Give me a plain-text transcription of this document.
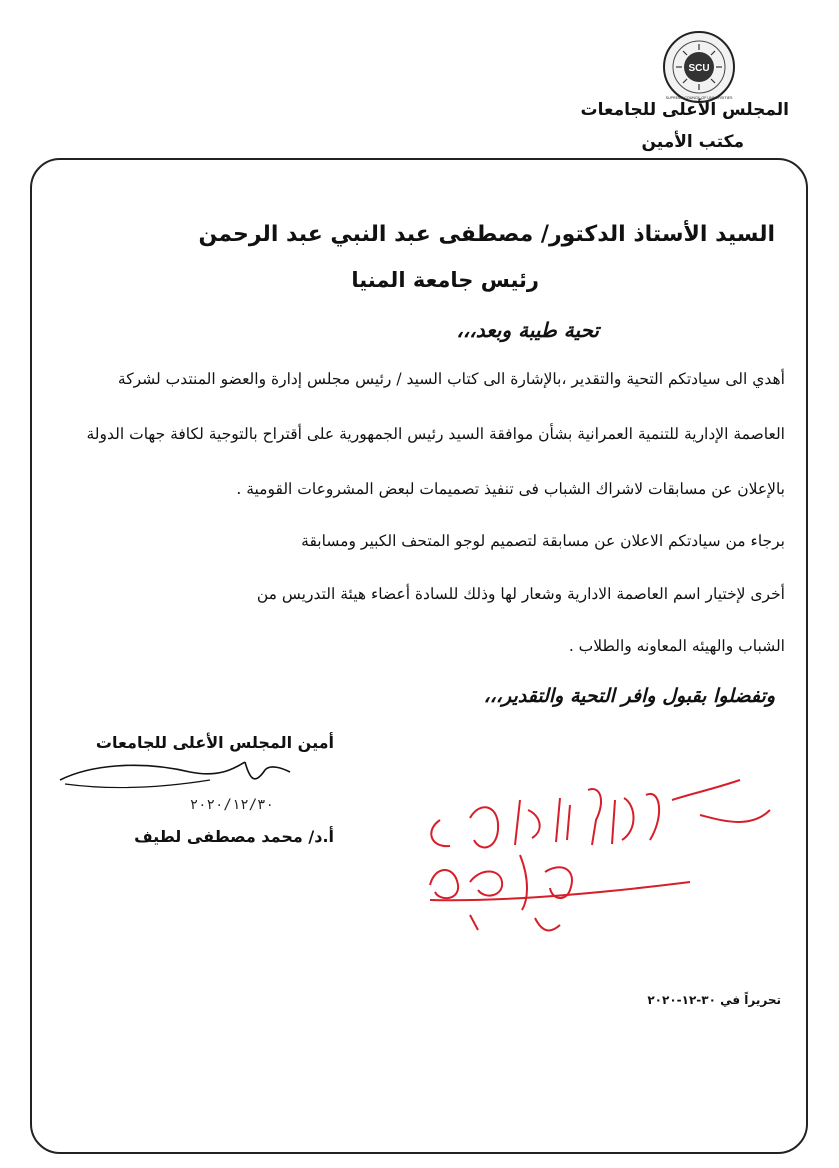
SCU
SUPREME COUNCIL OF UNIVERSITIES
المجلس الأعلى للجامعات
مكتب الأمين
السيد الأستاذ الدكتور/ مصطفى عبد النبي عبد الرحمن
رئيس جامعة المنيا
تحية طيبة وبعد،،،
أهدي الى سيادتكم التحية والتقدير ،بالإشارة الى كتاب السيد / رئيس مجلس إدارة والعضو المنتدب لشركة
العاصمة الإدارية للتنمية العمرانية بشأن موافقة السيد رئيس الجمهورية على أقتراح بالتوجية لكافة جهات الدولة
بالإعلان عن مسابقات لاشراك الشباب فى تنفيذ تصميمات لبعض المشروعات القومية .
برجاء من سيادتكم الاعلان عن مسابقة لتصميم لوجو المتحف الكبير ومسابقة
أخرى لإختيار اسم العاصمة الادارية وشعار لها وذلك للسادة أعضاء هيئة التدريس من
الشباب والهيئه المعاونه والطلاب .
وتفضلوا بقبول وافر التحية والتقدير،،،
أمين المجلس الأعلى للجامعات
٢٠٢٠/١٢/٣٠
أ.د/ محمد مصطفى لطيف
تحريراً في ٣٠-١٢-٢٠٢٠
